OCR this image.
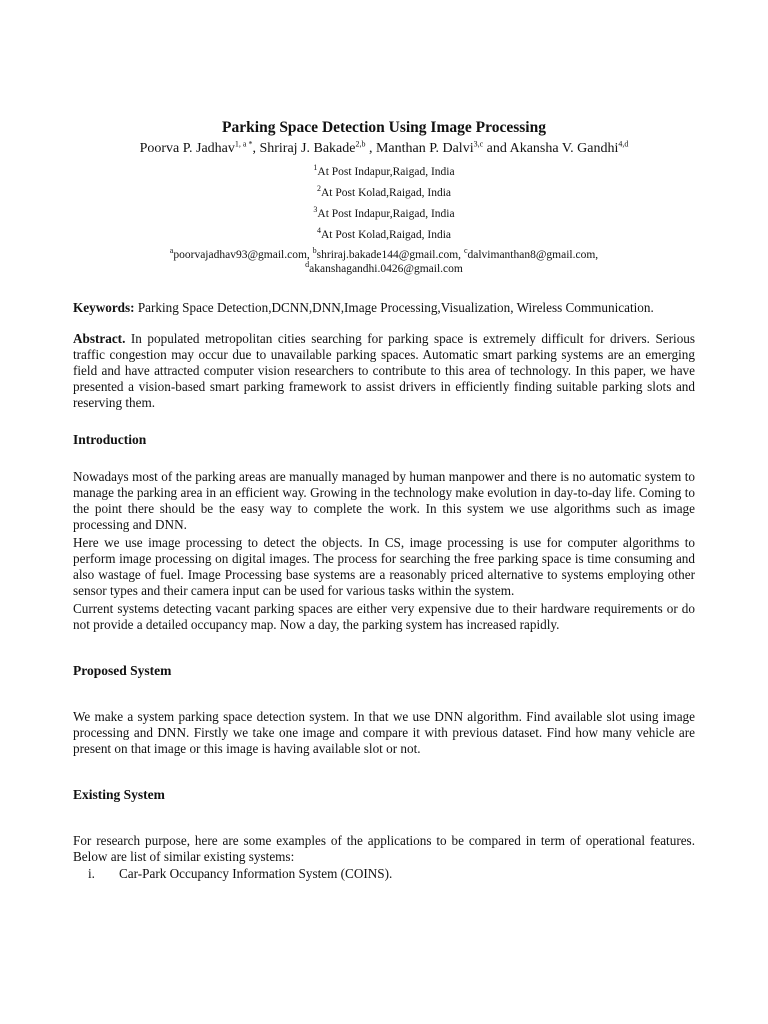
Parking Space Detection Using Image Processing
Poorva P. Jadhav$^{1, a *}$, Shriraj J. Bakade$^{2,b}$ , Manthan P. Dalvi$^{3,c}$ and Akansha V. Gandhi$^{4,d}$

$^1$At Post Indapur,Raigad, India

$^2$At Post Kolad,Raigad, India

$^3$At Post Indapur,Raigad, India

$^4$At Post Kolad,Raigad, India

$^a$poorvajadhav93@gmail.com, $^b$shriraj.bakade144@gmail.com, $^c$dalvimanthan8@gmail.com,
$^d$akanshagandhi.0426@gmail.com

Keywords: Parking Space Detection,DCNN,DNN,Image Processing,Visualization, Wireless Communication.

Abstract. In populated metropolitan cities searching for parking space is extremely difficult for drivers. Serious traffic congestion may occur due to unavailable parking spaces. Automatic smart parking systems are an emerging field and have attracted computer vision researchers to contribute to this area of technology. In this paper, we have presented a vision-based smart parking framework to assist drivers in efficiently finding suitable parking slots and reserving them.

Introduction

Nowadays most of the parking areas are manually managed by human manpower and there is no automatic system to manage the parking area in an efficient way. Growing in the technology make evolution in day-to-day life. Coming to the point there should be the easy way to complete the work. In this system we use algorithms such as image processing and DNN.

Here we use image processing to detect the objects. In CS, image processing is use for computer algorithms to perform image processing on digital images. The process for searching the free parking space is time consuming and also wastage of fuel. Image Processing base systems are a reasonably priced alternative to systems employing other sensor types and their camera input can be used for various tasks within the system.

Current systems detecting vacant parking spaces are either very expensive due to their hardware requirements or do not provide a detailed occupancy map. Now a day, the parking system has increased rapidly.

Proposed System

We make a system parking space detection system. In that we use DNN algorithm. Find available slot using image processing and DNN. Firstly we take one image and compare it with previous dataset. Find how many vehicle are present on that image or this image is having available slot or not.

Existing System

For research purpose, here are some examples of the applications to be compared in term of operational features. Below are list of similar existing systems:

i. Car-Park Occupancy Information System (COINS).
